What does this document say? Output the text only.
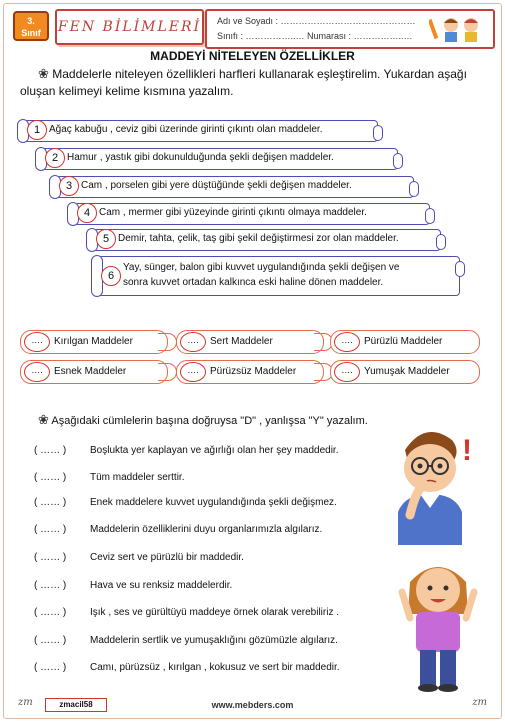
3.
Sınıf	FEN BİLİMLERİ Adı ve Soyadı : ………………………………………
Sınıfı : ……………..… Numarası : ……………..…
MADDEYİ NİTELEYEN ÖZELLİKLER
❀ Maddelerle niteleyen özellikleri harfleri kullanarak eşleştirelim. Yukardan aşağı
oluşan kelimeyi kelime kısmına yazalım.
1 Ağaç kabuğu , ceviz gibi üzerinde girinti çıkıntı olan maddeler.
2 Hamur , yastık gibi dokunulduğunda şekli değişen maddeler.
3 Cam , porselen gibi yere düştüğünde şekli değişen maddeler.
4 Cam , mermer gibi yüzeyinde girinti çıkıntı olmaya maddeler.
5 Demir, tahta, çelik, taş gibi şekil değiştirmesi zor olan maddeler.
6
Yay, sünger, balon gibi kuvvet uygulandığında şekli değişen ve
sonra kuvvet ortadan kalkınca eski haline dönen maddeler.
….	Kırılgan Maddeler	….	Sert Maddeler	….	Pürüzlü Maddeler
….	Esnek Maddeler	….	Pürüzsüz Maddeler	….	Yumuşak Maddeler
❀ Aşağıdaki cümlelerin başına doğruysa "D" , yanlışsa "Y" yazalım.
( …… ) Boşlukta yer kaplayan ve ağırlığı olan her şey maddedir.
( …… ) Tüm maddeler serttir.
( …… ) Enek maddelere kuvvet uygulandığında şekli değişmez.
( …… ) Maddelerin özelliklerini duyu organlarımızla algılarız.
( …… ) Ceviz sert ve pürüzlü bir maddedir.
( …… ) Hava ve su renksiz maddelerdir.
( …… ) Işık , ses ve gürültüyü maddeye örnek olarak verebiliriz .
( …… ) Maddelerin sertlik ve yumuşaklığını gözümüzle algılarız.
( …… ) Camı, pürüzsüz , kırılgan , kokusuz ve sert bir maddedir.
!
zm	zmacil58	zm
www.mebders.com
